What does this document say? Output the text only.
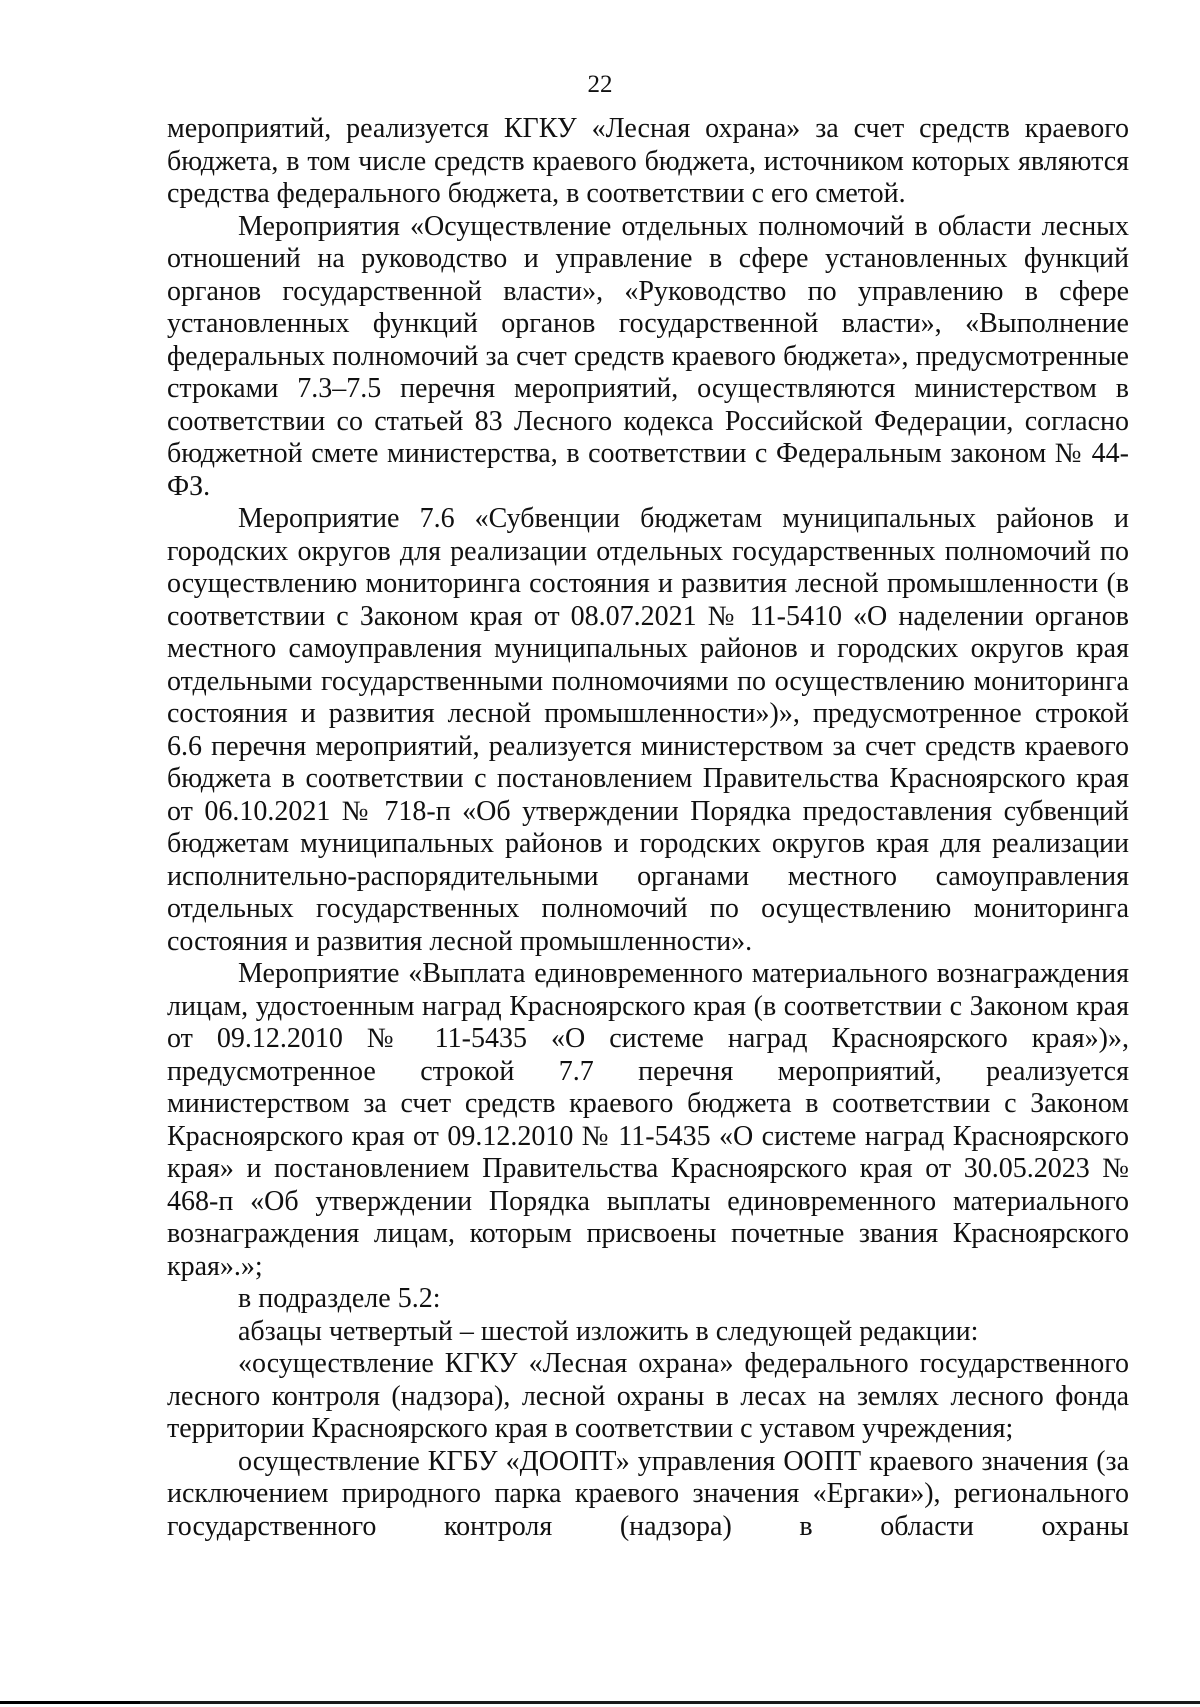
22

мероприятий, реализуется КГКУ «Лесная охрана» за счет средств краевого бюджета, в том числе средств краевого бюджета, источником которых являются средства федерального бюджета, в соответствии с его сметой.

Мероприятия «Осуществление отдельных полномочий в области лесных отношений на руководство и управление в сфере установленных функций органов государственной власти», «Руководство по управлению в сфере установленных функций органов государственной власти», «Выполнение федеральных полномочий за счет средств краевого бюджета», предусмотренные строками 7.3–7.5 перечня мероприятий, осуществляются министерством в соответствии со статьей 83 Лесного кодекса Российской Федерации, согласно бюджетной смете министерства, в соответствии с Федеральным законом № 44-ФЗ.

Мероприятие 7.6 «Субвенции бюджетам муниципальных районов и городских округов для реализации отдельных государственных полномочий по осуществлению мониторинга состояния и развития лесной промышленности (в соответствии с Законом края от 08.07.2021 № 11-5410 «О наделении органов местного самоуправления муниципальных районов и городских округов края отдельными государственными полномочиями по осуществлению мониторинга состояния и развития лесной промышленности»)», предусмотренное строкой 6.6 перечня мероприятий, реализуется министерством за счет средств краевого бюджета в соответствии с постановлением Правительства Красноярского края от 06.10.2021 № 718-п «Об утверждении Порядка предоставления субвенций бюджетам муниципальных районов и городских округов края для реализации исполнительно-распорядительными органами местного самоуправления отдельных государственных полномочий по осуществлению мониторинга состояния и развития лесной промышленности».

Мероприятие «Выплата единовременного материального вознаграждения лицам, удостоенным наград Красноярского края (в соответствии с Законом края от 09.12.2010 № 11-5435 «О системе наград Красноярского края»)», предусмотренное строкой 7.7 перечня мероприятий, реализуется министерством за счет средств краевого бюджета в соответствии с Законом Красноярского края от 09.12.2010 № 11-5435 «О системе наград Красноярского края» и постановлением Правительства Красноярского края от 30.05.2023 № 468-п «Об утверждении Порядка выплаты единовременного материального вознаграждения лицам, которым присвоены почетные звания Красноярского края».»;

в подразделе 5.2:

абзацы четвертый – шестой изложить в следующей редакции:

«осуществление КГКУ «Лесная охрана» федерального государственного лесного контроля (надзора), лесной охраны в лесах на землях лесного фонда территории Красноярского края в соответствии с уставом учреждения;

осуществление КГБУ «ДООПТ» управления ООПТ краевого значения (за исключением природного парка краевого значения «Ергаки»), регионального государственного контроля (надзора) в области охраны
